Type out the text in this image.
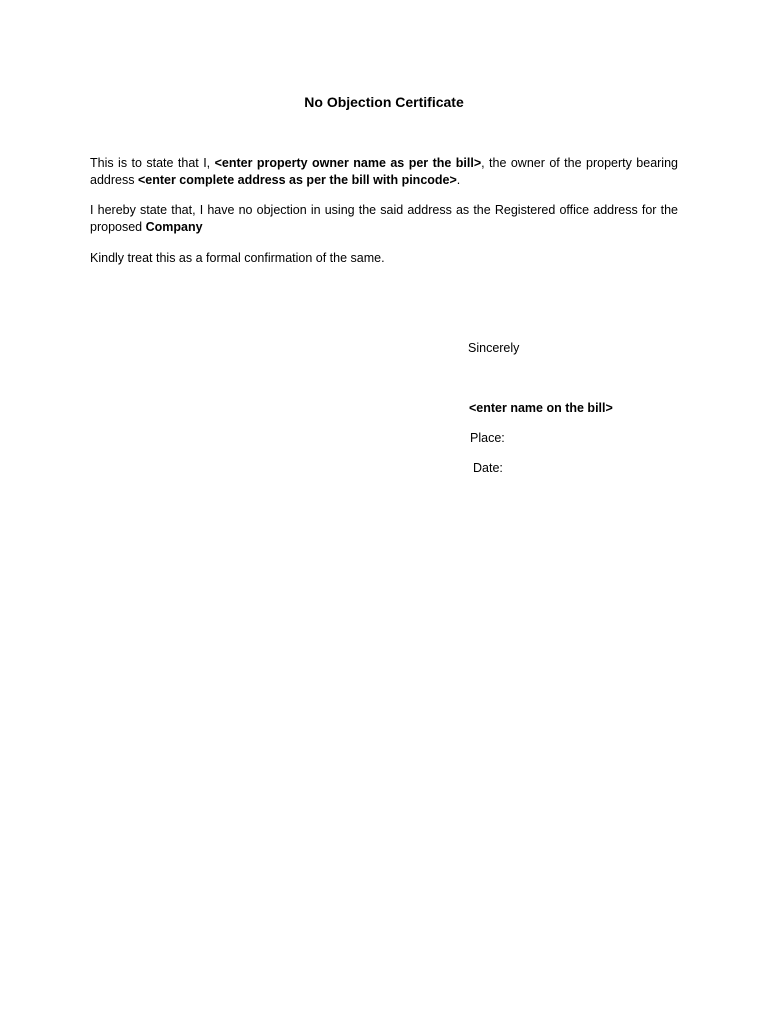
No Objection Certificate
This is to state that I, <enter property owner name as per the bill>, the owner of the property bearing address <enter complete address as per the bill with pincode>.
I hereby state that, I have no objection in using the said address as the Registered office address for the proposed Company
Kindly treat this as a formal confirmation of the same.
Sincerely
<enter name on the bill>
Place:
Date:
